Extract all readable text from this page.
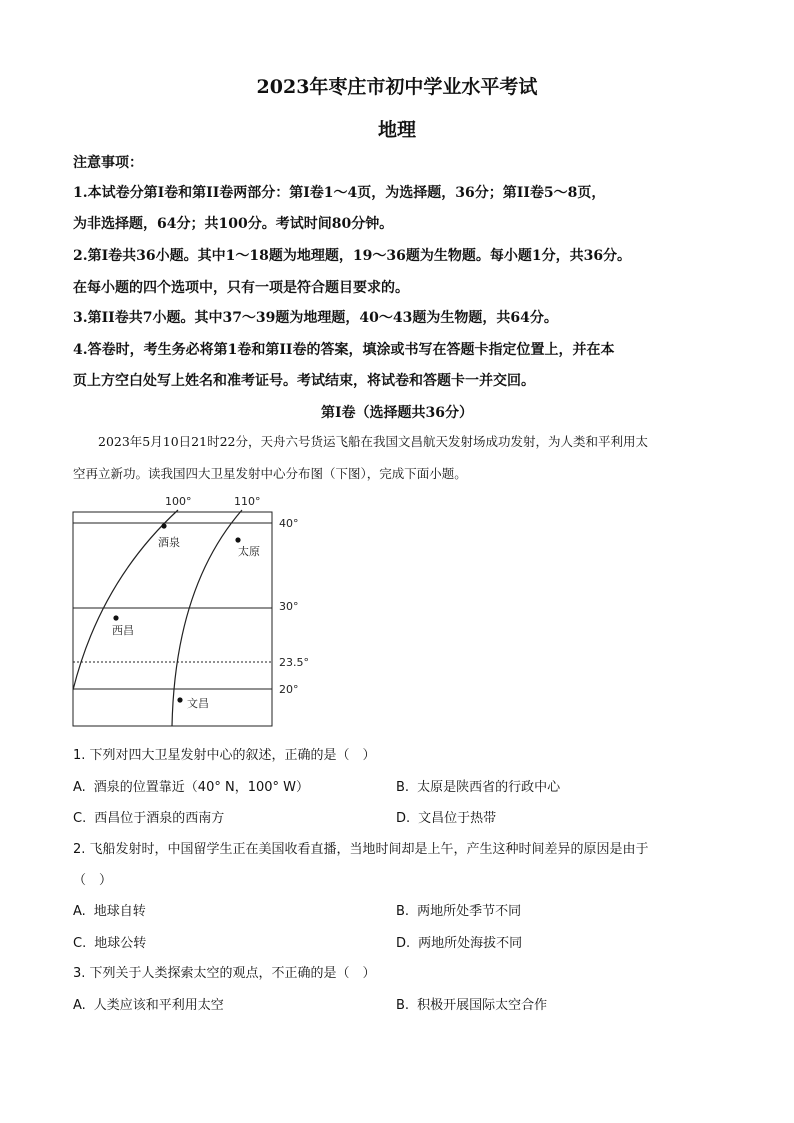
2023年枣庄市初中学业水平考试
地理
注意事项：
1.本试卷分第Ⅰ卷和第II卷两部分：第Ⅰ卷1～4页，为选择题，36分；第II卷5～8页，
为非选择题，64分；共100分。考试时间80分钟。
2.第Ⅰ卷共36小题。其中1～18题为地理题，19～36题为生物题。每小题1分，共36分。
在每小题的四个选项中，只有一项是符合题目要求的。
3.第II卷共7小题。其中37～39题为地理题，40～43题为生物题，共64分。
4.答卷时，考生务必将第1卷和第II卷的答案，填涂或书写在答题卡指定位置上，并在本
页上方空白处写上姓名和准考证号。考试结束，将试卷和答题卡一并交回。
第Ⅰ卷（选择题共36分）
2023年5月10日21时22分，天舟六号货运飞船在我国文昌航天发射场成功发射，为人类和平利用太
空再立新功。读我国四大卫星发射中心分布图（下图），完成下面小题。
100°	110°
40°
30°
23.5°
20°
酒泉
太原
西昌
文昌
1. 下列对四大卫星发射中心的叙述，正确的是（　）
A. 酒泉的位置靠近（40° N，100° W）	B. 太原是陕西省的行政中心
C. 西昌位于酒泉的西南方	D. 文昌位于热带
2. 飞船发射时，中国留学生正在美国收看直播，当地时间却是上午，产生这种时间差异的原因是由于
（　）
A. 地球自转	B. 两地所处季节不同
C. 地球公转	D. 两地所处海拔不同
3. 下列关于人类探索太空的观点，不正确的是（　）
A. 人类应该和平利用太空	B. 积极开展国际太空合作
